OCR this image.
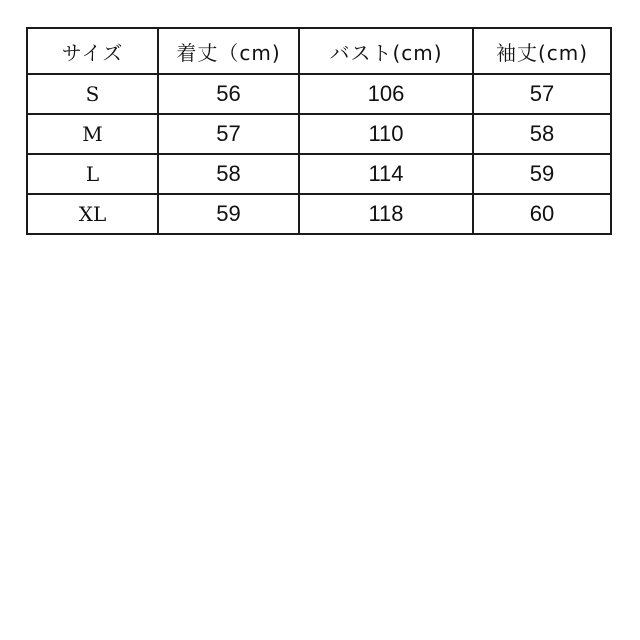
サイズ	着丈（cm)	バスト(cm)	袖丈(cm)
S	56	106	57
M	57	110	58
L	58	114	59
XL	59	118	60
